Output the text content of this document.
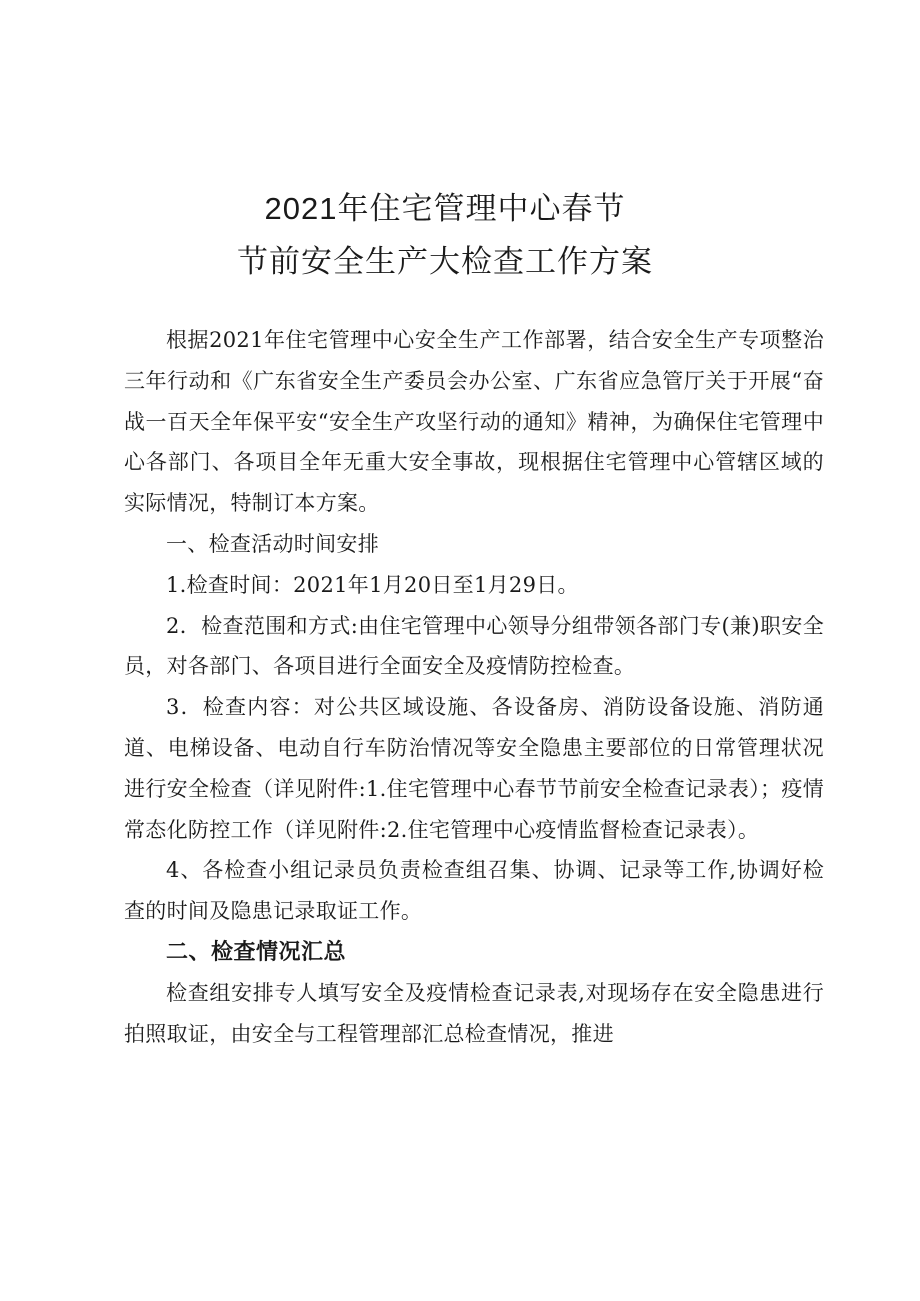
2021年住宅管理中心春节
节前安全生产大检查工作方案

根据2021年住宅管理中心安全生产工作部署，结合安全生产专项整治三年行动和《广东省安全生产委员会办公室、广东省应急管厅关于开展“奋战一百天全年保平安“安全生产攻坚行动的通知》精神，为确保住宅管理中心各部门、各项目全年无重大安全事故，现根据住宅管理中心管辖区域的实际情况，特制订本方案。

一、检查活动时间安排

1.检查时间：2021年1月20日至1月29日。

2．检查范围和方式:由住宅管理中心领导分组带领各部门专(兼)职安全员，对各部门、各项目进行全面安全及疫情防控检查。

3．检查内容：对公共区域设施、各设备房、消防设备设施、消防通道、电梯设备、电动自行车防治情况等安全隐患主要部位的日常管理状况进行安全检查（详见附件:1.住宅管理中心春节节前安全检查记录表）；疫情常态化防控工作（详见附件:2.住宅管理中心疫情监督检查记录表）。

4、各检查小组记录员负责检查组召集、协调、记录等工作,协调好检查的时间及隐患记录取证工作。

二、检查情况汇总

检查组安排专人填写安全及疫情检查记录表,对现场存在安全隐患进行拍照取证，由安全与工程管理部汇总检查情况，推进
